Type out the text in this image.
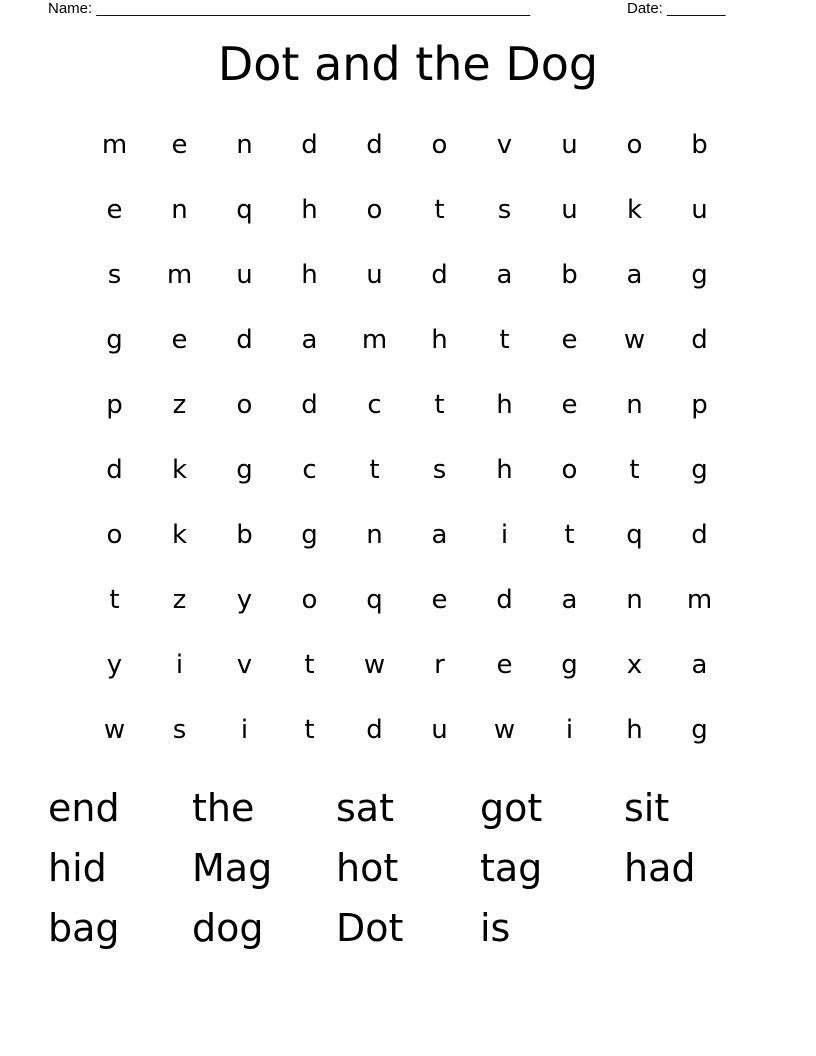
Name: ____________________________________________________	Date: _______
Dot and the Dog
m	e	n	d	d	o	v	u	o	b
e	n	q	h	o	t	s	u	k	u
s	m	u	h	u	d	a	b	a	g
g	e	d	a	m	h	t	e	w	d
p	z	o	d	c	t	h	e	n	p
d	k	g	c	t	s	h	o	t	g
o	k	b	g	n	a	i	t	q	d
t	z	y	o	q	e	d	a	n	m
y	i	v	t	w	r	e	g	x	a
w	s	i	t	d	u	w	i	h	g
end	the	sat	got	sit
hid	Mag	hot	tag	had
bag	dog	Dot	is
